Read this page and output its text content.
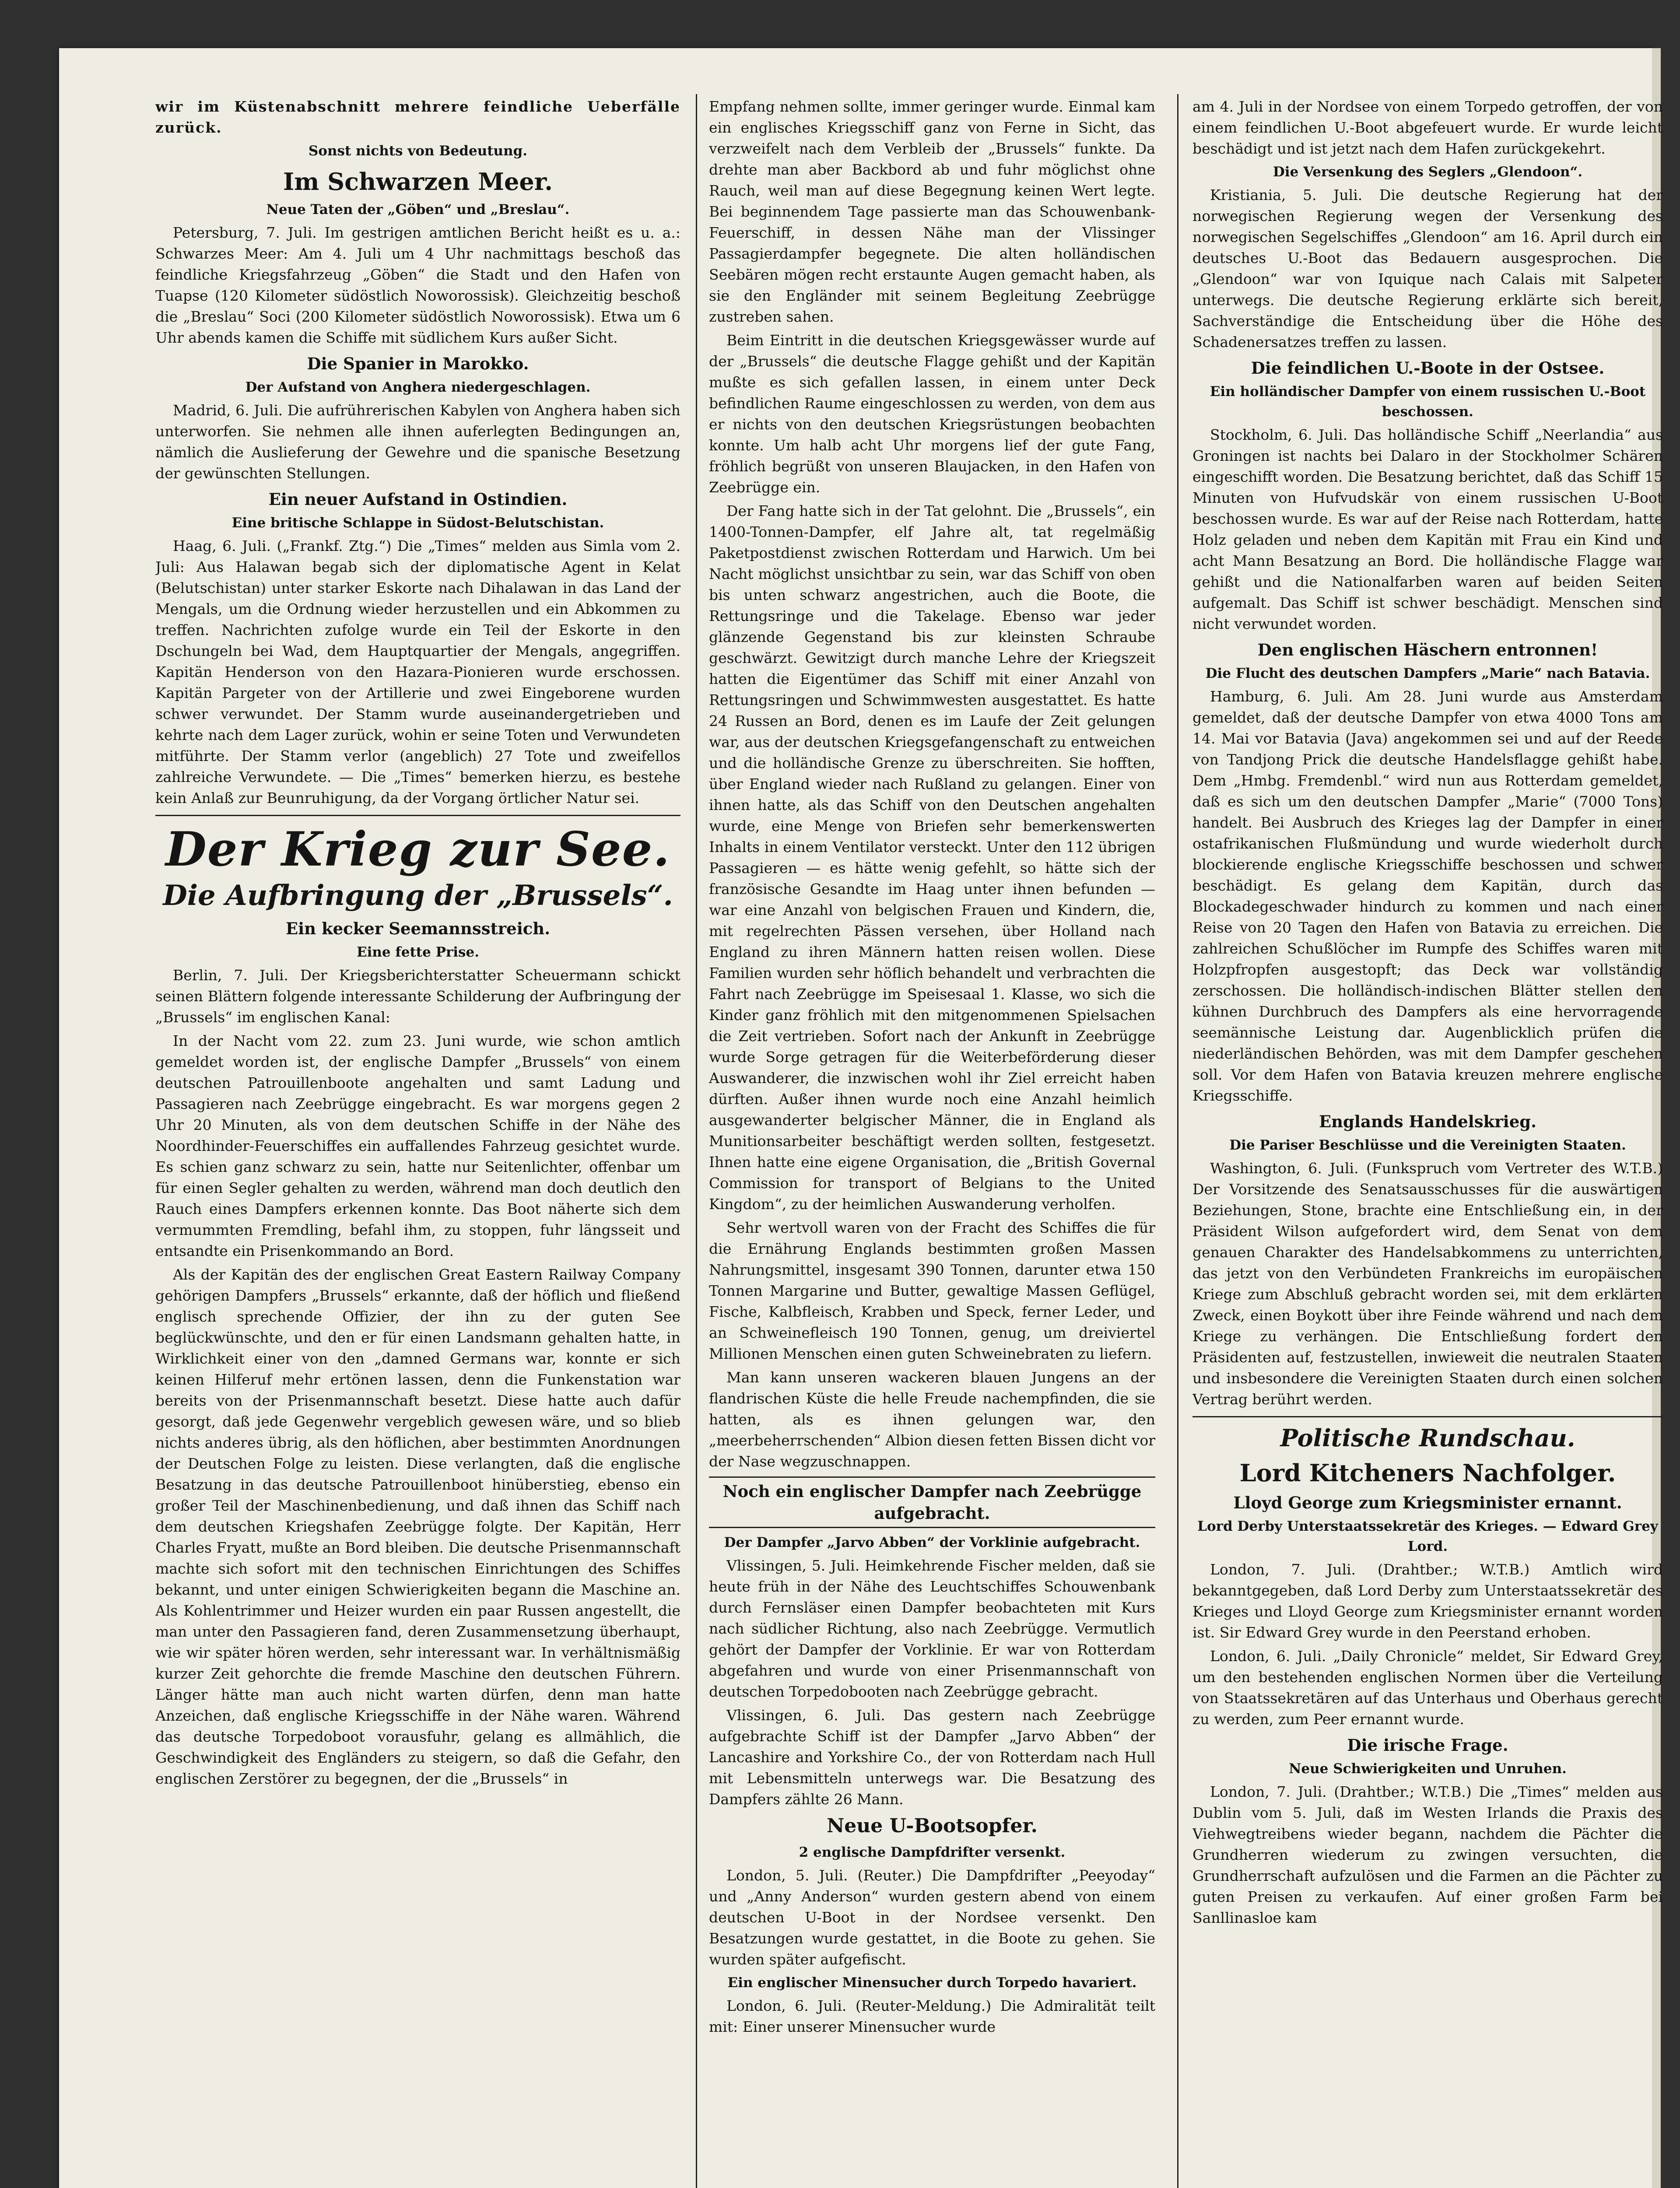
wir im Küstenabschnitt mehrere feindliche Ueberfälle zurück.

Sonst nichts von Bedeutung.
Im Schwarzen Meer.
Neue Taten der „Göben“ und „Breslau“.

Petersburg, 7. Juli. Im gestrigen amtlichen Bericht heißt es u. a.: Schwarzes Meer: Am 4. Juli um 4 Uhr nachmittags beschoß das feindliche Kriegsfahrzeug „Göben“ die Stadt und den Hafen von Tuapse (120 Kilometer südöstlich Noworossisk). Gleichzeitig beschoß die „Breslau“ Soci (200 Kilometer südöstlich Noworossisk). Etwa um 6 Uhr abends kamen die Schiffe mit südlichem Kurs außer Sicht.

Die Spanier in Marokko.
Der Aufstand von Anghera niedergeschlagen.

Madrid, 6. Juli. Die aufrührerischen Kabylen von Anghera haben sich unterworfen. Sie nehmen alle ihnen auferlegten Bedingungen an, nämlich die Auslieferung der Gewehre und die spanische Besetzung der gewünschten Stellungen.

Ein neuer Aufstand in Ostindien.
Eine britische Schlappe in Südost-Belutschistan.

Haag, 6. Juli. („Frankf. Ztg.“) Die „Times“ melden aus Simla vom 2. Juli: Aus Halawan begab sich der diplomatische Agent in Kelat (Belutschistan) unter starker Eskorte nach Dihalawan in das Land der Mengals, um die Ordnung wieder herzustellen und ein Abkommen zu treffen. Nachrichten zufolge wurde ein Teil der Eskorte in den Dschungeln bei Wad, dem Hauptquartier der Mengals, angegriffen. Kapitän Henderson von den Hazara-Pionieren wurde erschossen. Kapitän Pargeter von der Artillerie und zwei Eingeborene wurden schwer verwundet. Der Stamm wurde auseinandergetrieben und kehrte nach dem Lager zurück, wohin er seine Toten und Verwundeten mitführte. Der Stamm verlor (angeblich) 27 Tote und zweifellos zahlreiche Verwundete. — Die „Times“ bemerken hierzu, es bestehe kein Anlaß zur Beunruhigung, da der Vorgang örtlicher Natur sei.

Der Krieg zur See.
Die Aufbringung der „Brussels“.
Ein kecker Seemannsstreich.
Eine fette Prise.

Berlin, 7. Juli. Der Kriegsberichterstatter Scheuermann schickt seinen Blättern folgende interessante Schilderung der Aufbringung der „Brussels“ im englischen Kanal:

In der Nacht vom 22. zum 23. Juni wurde, wie schon amtlich gemeldet worden ist, der englische Dampfer „Brussels“ von einem deutschen Patrouillenboote angehalten und samt Ladung und Passagieren nach Zeebrügge eingebracht. Es war morgens gegen 2 Uhr 20 Minuten, als von dem deutschen Schiffe in der Nähe des Noordhinder-Feuerschiffes ein auffallendes Fahrzeug gesichtet wurde. Es schien ganz schwarz zu sein, hatte nur Seitenlichter, offenbar um für einen Segler gehalten zu werden, während man doch deutlich den Rauch eines Dampfers erkennen konnte. Das Boot näherte sich dem vermummten Fremdling, befahl ihm, zu stoppen, fuhr längsseit und entsandte ein Prisenkommando an Bord.

Als der Kapitän des der englischen Great Eastern Railway Company gehörigen Dampfers „Brussels“ erkannte, daß der höflich und fließend englisch sprechende Offizier, der ihn zu der guten See beglückwünschte, und den er für einen Landsmann gehalten hatte, in Wirklichkeit einer von den „damned Germans war, konnte er sich keinen Hilferuf mehr ertönen lassen, denn die Funkenstation war bereits von der Prisenmannschaft besetzt. Diese hatte auch dafür gesorgt, daß jede Gegenwehr vergeblich gewesen wäre, und so blieb nichts anderes übrig, als den höflichen, aber bestimmten Anordnungen der Deutschen Folge zu leisten. Diese verlangten, daß die englische Besatzung in das deutsche Patrouillenboot hinüberstieg, ebenso ein großer Teil der Maschinenbedienung, und daß ihnen das Schiff nach dem deutschen Kriegshafen Zeebrügge folgte. Der Kapitän, Herr Charles Fryatt, mußte an Bord bleiben. Die deutsche Prisenmannschaft machte sich sofort mit den technischen Einrichtungen des Schiffes bekannt, und unter einigen Schwierigkeiten begann die Maschine an. Als Kohlentrimmer und Heizer wurden ein paar Russen angestellt, die man unter den Passagieren fand, deren Zusammensetzung überhaupt, wie wir später hören werden, sehr interessant war. In verhältnismäßig kurzer Zeit gehorchte die fremde Maschine den deutschen Führern. Länger hätte man auch nicht warten dürfen, denn man hatte Anzeichen, daß englische Kriegsschiffe in der Nähe waren. Während das deutsche Torpedoboot vorausfuhr, gelang es allmählich, die Geschwindigkeit des Engländers zu steigern, so daß die Gefahr, den englischen Zerstörer zu begegnen, der die „Brussels“ in

Empfang nehmen sollte, immer geringer wurde. Einmal kam ein englisches Kriegsschiff ganz von Ferne in Sicht, das verzweifelt nach dem Verbleib der „Brussels“ funkte. Da drehte man aber Backbord ab und fuhr möglichst ohne Rauch, weil man auf diese Begegnung keinen Wert legte. Bei beginnendem Tage passierte man das Schouwenbank-Feuerschiff, in dessen Nähe man der Vlissinger Passagierdampfer begegnete. Die alten holländischen Seebären mögen recht erstaunte Augen gemacht haben, als sie den Engländer mit seinem Begleitung Zeebrügge zustreben sahen.

Beim Eintritt in die deutschen Kriegsgewässer wurde auf der „Brussels“ die deutsche Flagge gehißt und der Kapitän mußte es sich gefallen lassen, in einem unter Deck befindlichen Raume eingeschlossen zu werden, von dem aus er nichts von den deutschen Kriegsrüstungen beobachten konnte. Um halb acht Uhr morgens lief der gute Fang, fröhlich begrüßt von unseren Blaujacken, in den Hafen von Zeebrügge ein.

Der Fang hatte sich in der Tat gelohnt. Die „Brussels“, ein 1400-Tonnen-Dampfer, elf Jahre alt, tat regelmäßig Paketpostdienst zwischen Rotterdam und Harwich. Um bei Nacht möglichst unsichtbar zu sein, war das Schiff von oben bis unten schwarz angestrichen, auch die Boote, die Rettungsringe und die Takelage. Ebenso war jeder glänzende Gegenstand bis zur kleinsten Schraube geschwärzt. Gewitzigt durch manche Lehre der Kriegszeit hatten die Eigentümer das Schiff mit einer Anzahl von Rettungsringen und Schwimmwesten ausgestattet. Es hatte 24 Russen an Bord, denen es im Laufe der Zeit gelungen war, aus der deutschen Kriegsgefangenschaft zu entweichen und die holländische Grenze zu überschreiten. Sie hofften, über England wieder nach Rußland zu gelangen. Einer von ihnen hatte, als das Schiff von den Deutschen angehalten wurde, eine Menge von Briefen sehr bemerkenswerten Inhalts in einem Ventilator versteckt. Unter den 112 übrigen Passagieren — es hätte wenig gefehlt, so hätte sich der französische Gesandte im Haag unter ihnen befunden — war eine Anzahl von belgischen Frauen und Kindern, die, mit regelrechten Pässen versehen, über Holland nach England zu ihren Männern hatten reisen wollen. Diese Familien wurden sehr höflich behandelt und verbrachten die Fahrt nach Zeebrügge im Speisesaal 1. Klasse, wo sich die Kinder ganz fröhlich mit den mitgenommenen Spielsachen die Zeit vertrieben. Sofort nach der Ankunft in Zeebrügge wurde Sorge getragen für die Weiterbeförderung dieser Auswanderer, die inzwischen wohl ihr Ziel erreicht haben dürften. Außer ihnen wurde noch eine Anzahl heimlich ausgewanderter belgischer Männer, die in England als Munitionsarbeiter beschäftigt werden sollten, festgesetzt. Ihnen hatte eine eigene Organisation, die „British Governal Commission for transport of Belgians to the United Kingdom“, zu der heimlichen Auswanderung verholfen.

Sehr wertvoll waren von der Fracht des Schiffes die für die Ernährung Englands bestimmten großen Massen Nahrungsmittel, insgesamt 390 Tonnen, darunter etwa 150 Tonnen Margarine und Butter, gewaltige Massen Geflügel, Fische, Kalbfleisch, Krabben und Speck, ferner Leder, und an Schweinefleisch 190 Tonnen, genug, um dreiviertel Millionen Menschen einen guten Schweinebraten zu liefern.

Man kann unseren wackeren blauen Jungens an der flandrischen Küste die helle Freude nachempfinden, die sie hatten, als es ihnen gelungen war, den „meerbeherrschenden“ Albion diesen fetten Bissen dicht vor der Nase wegzuschnappen.

Noch ein englischer Dampfer nach Zeebrügge aufgebracht.
Der Dampfer „Jarvo Abben“ der Vorklinie aufgebracht.

Vlissingen, 5. Juli. Heimkehrende Fischer melden, daß sie heute früh in der Nähe des Leuchtschiffes Schouwenbank durch Fernsläser einen Dampfer beobachteten mit Kurs nach südlicher Richtung, also nach Zeebrügge. Vermutlich gehört der Dampfer der Vorklinie. Er war von Rotterdam abgefahren und wurde von einer Prisenmannschaft von deutschen Torpedobooten nach Zeebrügge gebracht.

Vlissingen, 6. Juli. Das gestern nach Zeebrügge aufgebrachte Schiff ist der Dampfer „Jarvo Abben“ der Lancashire and Yorkshire Co., der von Rotterdam nach Hull mit Lebensmitteln unterwegs war. Die Besatzung des Dampfers zählte 26 Mann.

Neue U-Bootsopfer.
2 englische Dampfdrifter versenkt.

London, 5. Juli. (Reuter.) Die Dampfdrifter „Peeyoday“ und „Anny Anderson“ wurden gestern abend von einem deutschen U-Boot in der Nordsee versenkt. Den Besatzungen wurde gestattet, in die Boote zu gehen. Sie wurden später aufgefischt.

Ein englischer Minensucher durch Torpedo havariert.

London, 6. Juli. (Reuter-Meldung.) Die Admiralität teilt mit: Einer unserer Minensucher wurde

am 4. Juli in der Nordsee von einem Torpedo getroffen, der von einem feindlichen U.-Boot abgefeuert wurde. Er wurde leicht beschädigt und ist jetzt nach dem Hafen zurückgekehrt.

Die Versenkung des Seglers „Glendoon“.

Kristiania, 5. Juli. Die deutsche Regierung hat der norwegischen Regierung wegen der Versenkung des norwegischen Segelschiffes „Glendoon“ am 16. April durch ein deutsches U.-Boot das Bedauern ausgesprochen. Die „Glendoon“ war von Iquique nach Calais mit Salpeter unterwegs. Die deutsche Regierung erklärte sich bereit, Sachverständige die Entscheidung über die Höhe des Schadenersatzes treffen zu lassen.

Die feindlichen U.-Boote in der Ostsee.
Ein holländischer Dampfer von einem russischen U.-Boot beschossen.

Stockholm, 6. Juli. Das holländische Schiff „Neerlandia“ aus Groningen ist nachts bei Dalaro in der Stockholmer Schären eingeschifft worden. Die Besatzung berichtet, daß das Schiff 15 Minuten von Hufvudskär von einem russischen U-Boot beschossen wurde. Es war auf der Reise nach Rotterdam, hatte Holz geladen und neben dem Kapitän mit Frau ein Kind und acht Mann Besatzung an Bord. Die holländische Flagge war gehißt und die Nationalfarben waren auf beiden Seiten aufgemalt. Das Schiff ist schwer beschädigt. Menschen sind nicht verwundet worden.

Den englischen Häschern entronnen!
Die Flucht des deutschen Dampfers „Marie“ nach Batavia.

Hamburg, 6. Juli. Am 28. Juni wurde aus Amsterdam gemeldet, daß der deutsche Dampfer von etwa 4000 Tons am 14. Mai vor Batavia (Java) angekommen sei und auf der Reede von Tandjong Prick die deutsche Handelsflagge gehißt habe. Dem „Hmbg. Fremdenbl.“ wird nun aus Rotterdam gemeldet, daß es sich um den deutschen Dampfer „Marie“ (7000 Tons) handelt. Bei Ausbruch des Krieges lag der Dampfer in einer ostafrikanischen Flußmündung und wurde wiederholt durch blockierende englische Kriegsschiffe beschossen und schwer beschädigt. Es gelang dem Kapitän, durch das Blockadegeschwader hindurch zu kommen und nach einer Reise von 20 Tagen den Hafen von Batavia zu erreichen. Die zahlreichen Schußlöcher im Rumpfe des Schiffes waren mit Holzpfropfen ausgestopft; das Deck war vollständig zerschossen. Die holländisch-indischen Blätter stellen den kühnen Durchbruch des Dampfers als eine hervorragende seemännische Leistung dar. Augenblicklich prüfen die niederländischen Behörden, was mit dem Dampfer geschehen soll. Vor dem Hafen von Batavia kreuzen mehrere englische Kriegsschiffe.

Englands Handelskrieg.
Die Pariser Beschlüsse und die Vereinigten Staaten.

Washington, 6. Juli. (Funkspruch vom Vertreter des W.T.B.) Der Vorsitzende des Senatsausschusses für die auswärtigen Beziehungen, Stone, brachte eine Entschließung ein, in der Präsident Wilson aufgefordert wird, dem Senat von dem genauen Charakter des Handelsabkommens zu unterrichten, das jetzt von den Verbündeten Frankreichs im europäischen Kriege zum Abschluß gebracht worden sei, mit dem erklärten Zweck, einen Boykott über ihre Feinde während und nach dem Kriege zu verhängen. Die Entschließung fordert den Präsidenten auf, festzustellen, inwieweit die neutralen Staaten und insbesondere die Vereinigten Staaten durch einen solchen Vertrag berührt werden.

Politische Rundschau.
Lord Kitcheners Nachfolger.
Lloyd George zum Kriegsminister ernannt.
Lord Derby Unterstaatssekretär des Krieges. — Edward Grey Lord.

London, 7. Juli. (Drahtber.; W.T.B.) Amtlich wird bekanntgegeben, daß Lord Derby zum Unterstaatssekretär des Krieges und Lloyd George zum Kriegsminister ernannt worden ist. Sir Edward Grey wurde in den Peerstand erhoben.

London, 6. Juli. „Daily Chronicle“ meldet, Sir Edward Grey, um den bestehenden englischen Normen über die Verteilung von Staatssekretären auf das Unterhaus und Oberhaus gerecht zu werden, zum Peer ernannt wurde.

Die irische Frage.
Neue Schwierigkeiten und Unruhen.

London, 7. Juli. (Drahtber.; W.T.B.) Die „Times“ melden aus Dublin vom 5. Juli, daß im Westen Irlands die Praxis des Viehwegtreibens wieder begann, nachdem die Pächter die Grundherren wiederum zu zwingen versuchten, die Grundherrschaft aufzulösen und die Farmen an die Pächter zu guten Preisen zu verkaufen. Auf einer großen Farm bei Sanllinasloe kam
